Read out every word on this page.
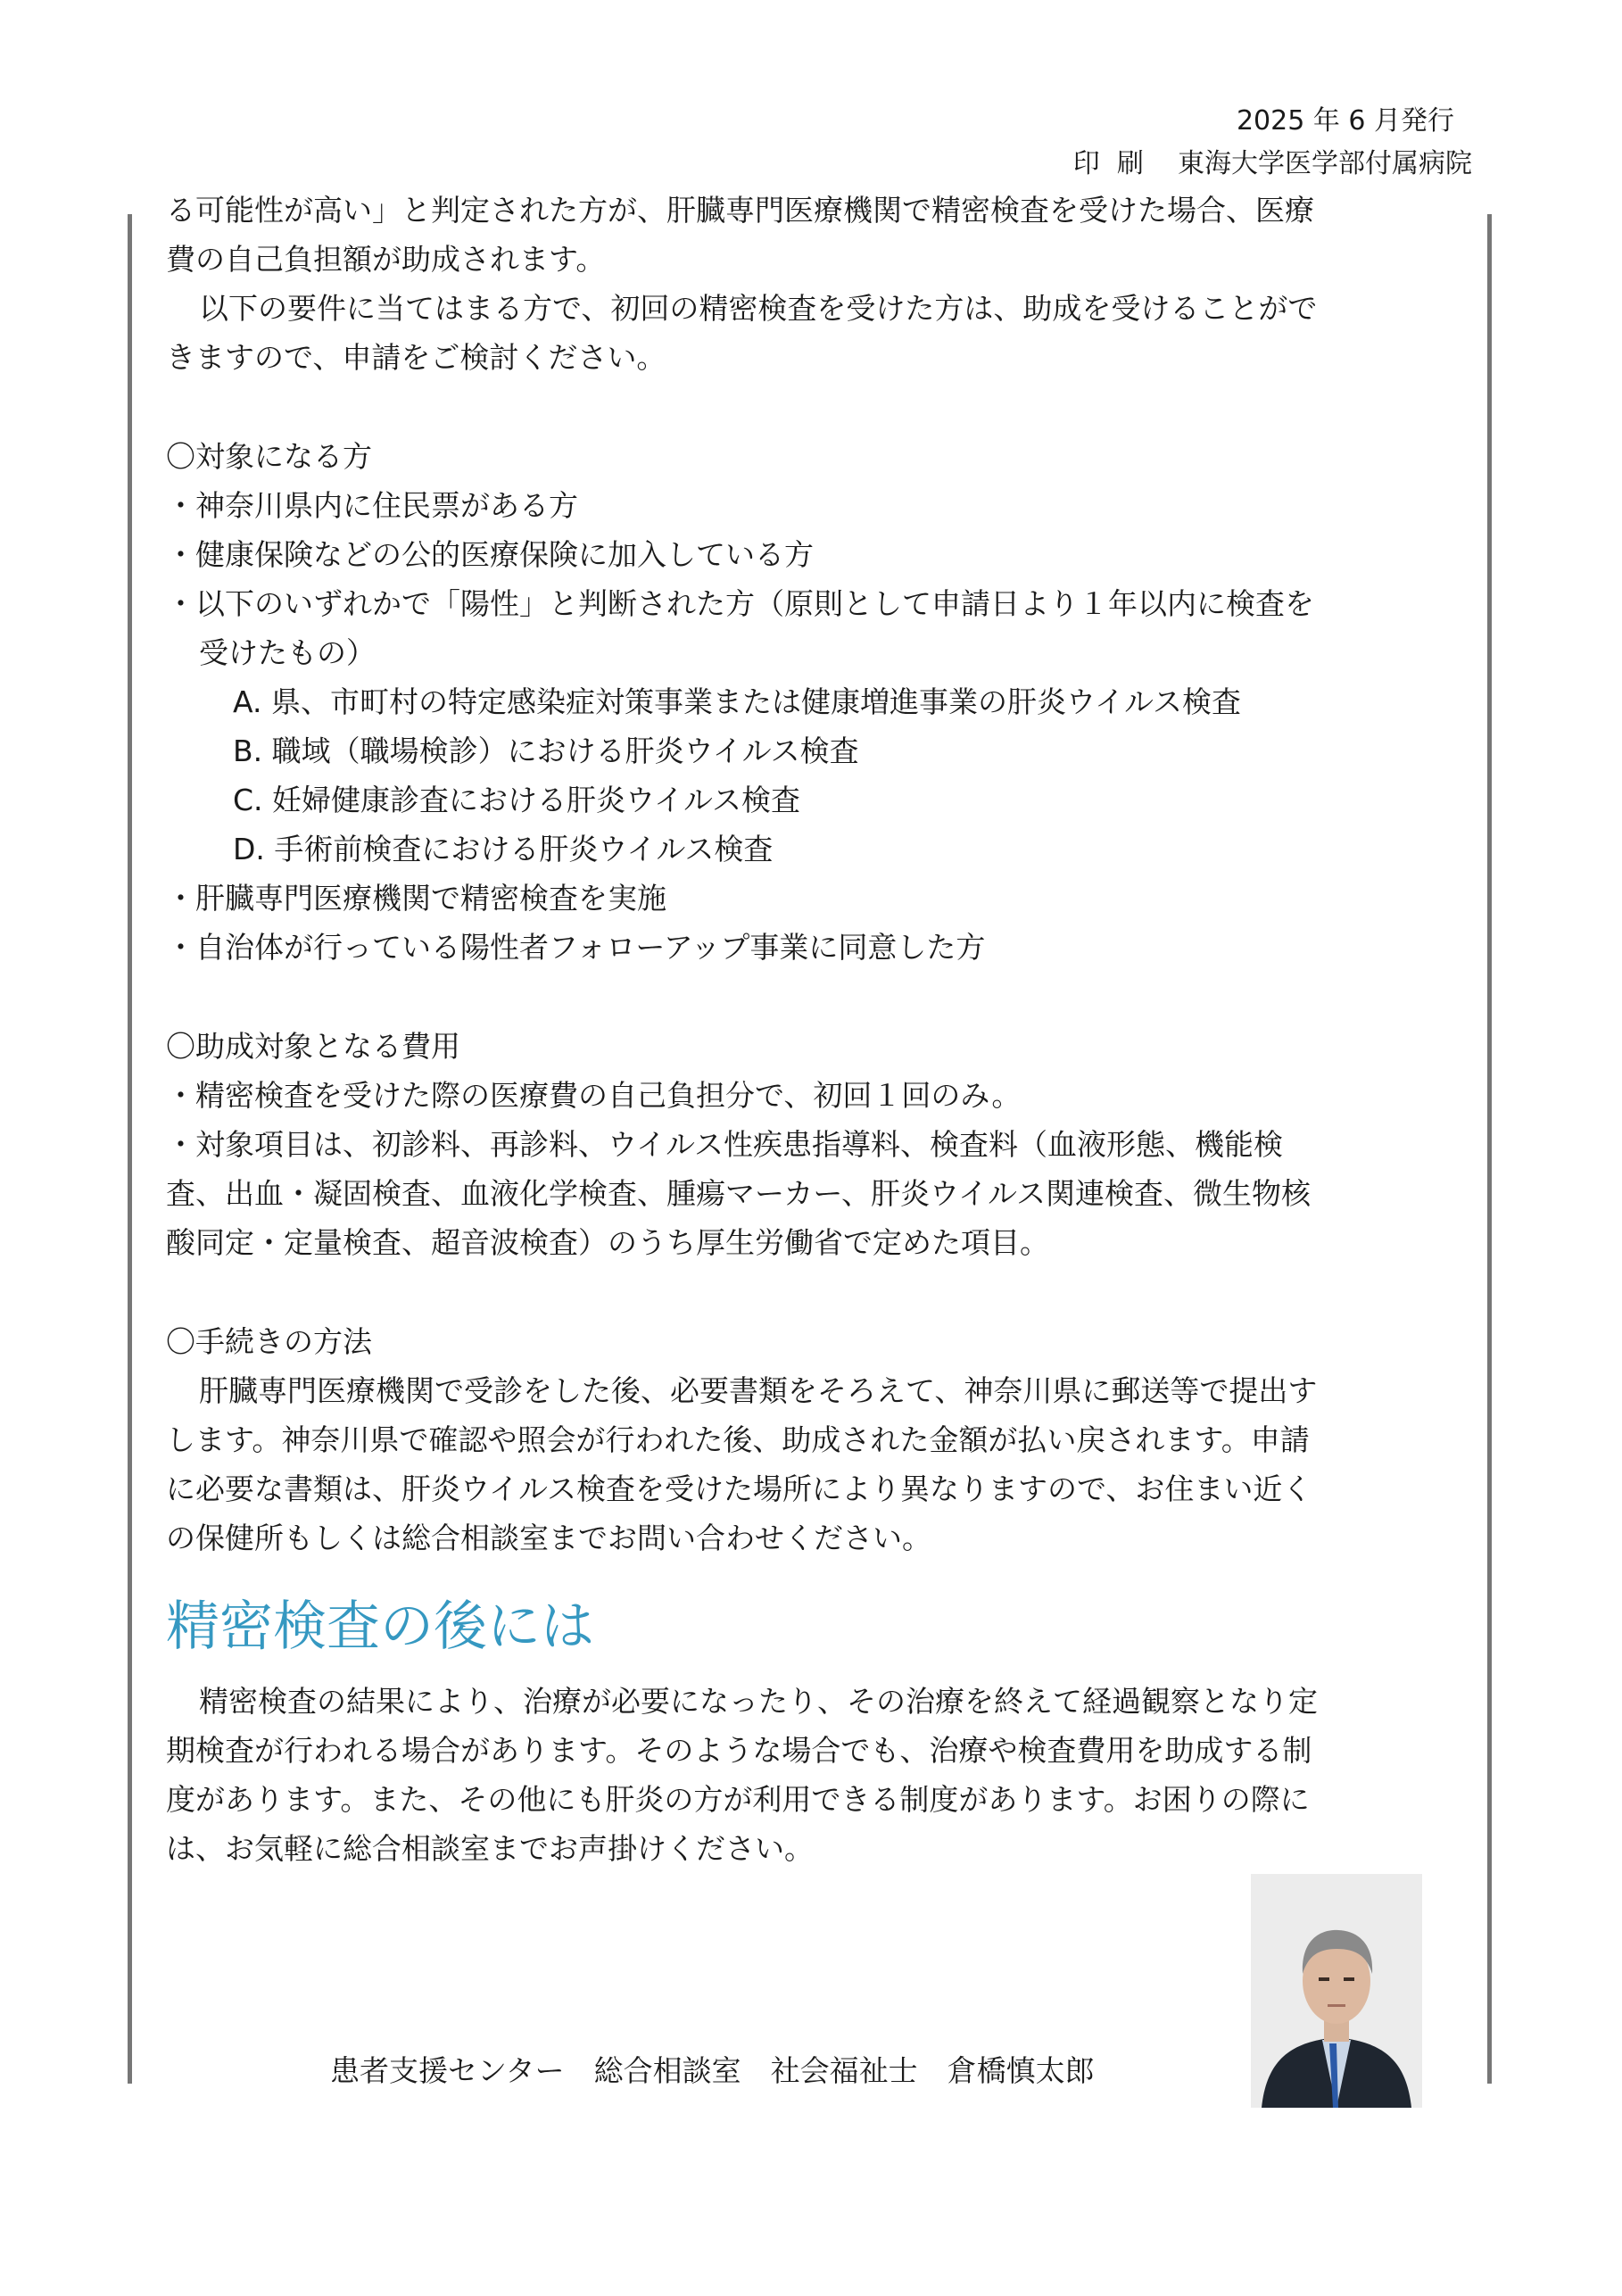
2025 年 6 月発行
印  刷    東海大学医学部付属病院
る可能性が高い」と判定された方が、肝臓専門医療機関で精密検査を受けた場合、医療
費の自己負担額が助成されます。
以下の要件に当てはまる方で、初回の精密検査を受けた方は、助成を受けることがで
きますので、申請をご検討ください。
〇対象になる方
・神奈川県内に住民票がある方
・健康保険などの公的医療保険に加入している方
・以下のいずれかで「陽性」と判断された方（原則として申請日より１年以内に検査を
受けたもの）
A. 県、市町村の特定感染症対策事業または健康増進事業の肝炎ウイルス検査
B. 職域（職場検診）における肝炎ウイルス検査
C. 妊婦健康診査における肝炎ウイルス検査
D. 手術前検査における肝炎ウイルス検査
・肝臓専門医療機関で精密検査を実施
・自治体が行っている陽性者フォローアップ事業に同意した方
〇助成対象となる費用
・精密検査を受けた際の医療費の自己負担分で、初回１回のみ。
・対象項目は、初診料、再診料、ウイルス性疾患指導料、検査料（血液形態、機能検
査、出血・凝固検査、血液化学検査、腫瘍マーカー、肝炎ウイルス関連検査、微生物核
酸同定・定量検査、超音波検査）のうち厚生労働省で定めた項目。
〇手続きの方法
肝臓専門医療機関で受診をした後、必要書類をそろえて、神奈川県に郵送等で提出す
します。神奈川県で確認や照会が行われた後、助成された金額が払い戻されます。申請
に必要な書類は、肝炎ウイルス検査を受けた場所により異なりますので、お住まい近く
の保健所もしくは総合相談室までお問い合わせください。
精密検査の後には
精密検査の結果により、治療が必要になったり、その治療を終えて経過観察となり定
期検査が行われる場合があります。そのような場合でも、治療や検査費用を助成する制
度があります。また、その他にも肝炎の方が利用できる制度があります。お困りの際に
は、お気軽に総合相談室までお声掛けください。
患者支援センター　総合相談室　社会福祉士　倉橋慎太郎
